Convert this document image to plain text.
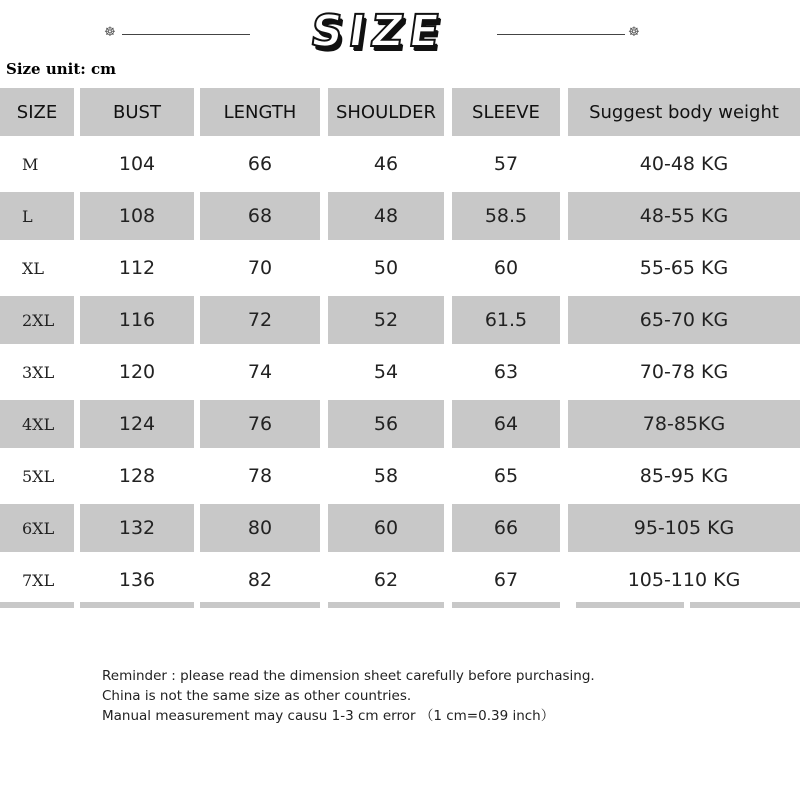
☸	SIZE	☸
Size unit: cm
SIZE	BUST	LENGTH	SHOULDER	SLEEVE	Suggest body weight
M	104	66	46	57	40-48 KG
L	108	68	48	58.5	48-55 KG
XL	112	70	50	60	55-65 KG
2XL	116	72	52	61.5	65-70 KG
3XL	120	74	54	63	70-78 KG
4XL	124	76	56	64	78-85KG
5XL	128	78	58	65	85-95 KG
6XL	132	80	60	66	95-105 KG
7XL	136	82	62	67	105-110 KG
Reminder : please read the dimension sheet carefully before purchasing.
China is not the same size as other countries.
Manual measurement may causu 1-3 cm error （1 cm=0.39 inch）
